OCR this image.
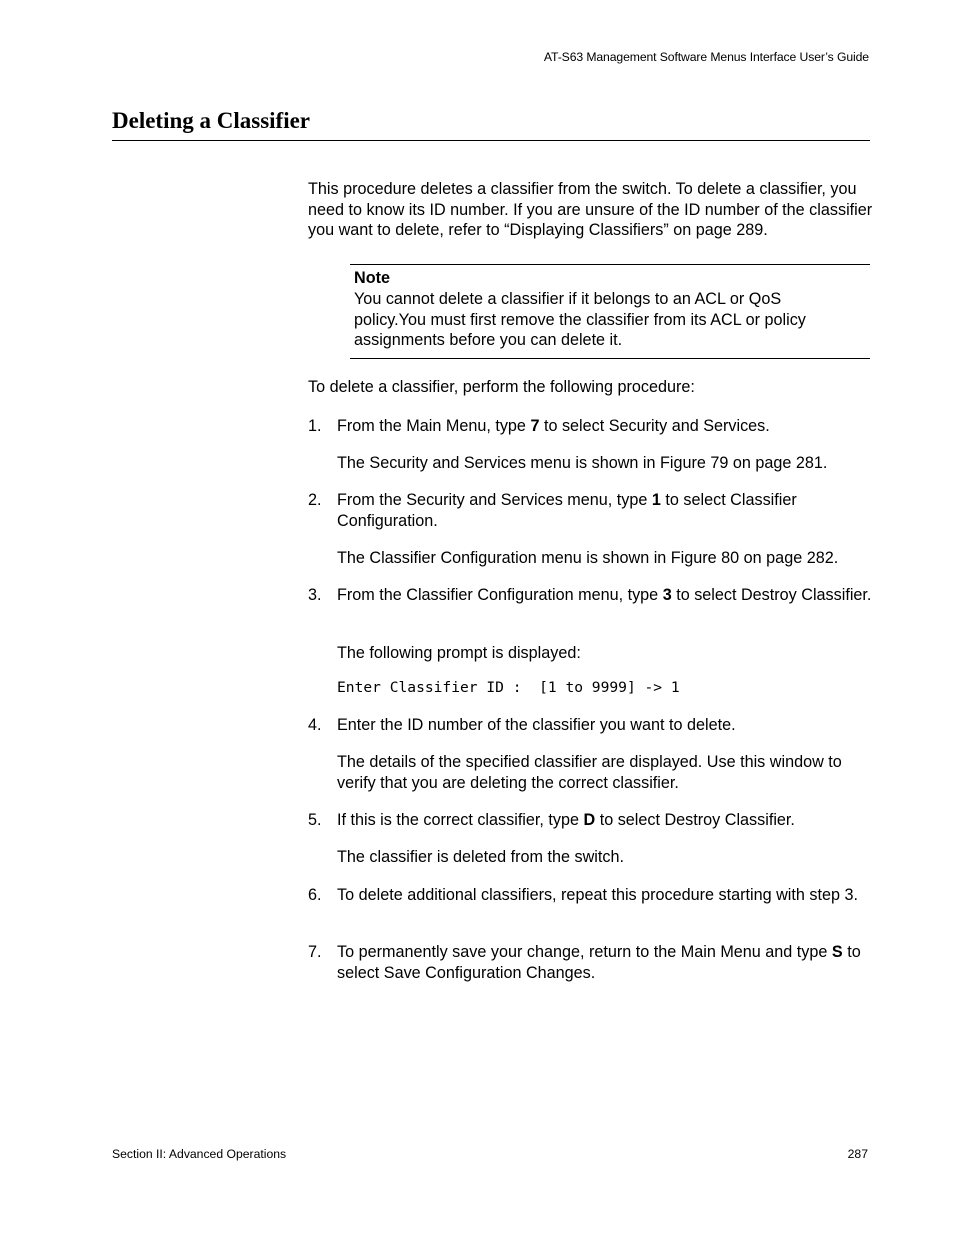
AT-S63 Management Software Menus Interface User’s Guide
Deleting a Classifier
This procedure deletes a classifier from the switch. To delete a classifier, you need to know its ID number. If you are unsure of the ID number of the classifier you want to delete, refer to “Displaying Classifiers” on page 289.
Note
You cannot delete a classifier if it belongs to an ACL or QoS policy.You must first remove the classifier from its ACL or policy assignments before you can delete it.
To delete a classifier, perform the following procedure:
1. From the Main Menu, type 7 to select Security and Services.
The Security and Services menu is shown in Figure 79 on page 281.
2. From the Security and Services menu, type 1 to select Classifier Configuration.
The Classifier Configuration menu is shown in Figure 80 on page 282.
3. From the Classifier Configuration menu, type 3 to select Destroy Classifier.
The following prompt is displayed:
Enter Classifier ID :  [1 to 9999] -> 1
4. Enter the ID number of the classifier you want to delete.
The details of the specified classifier are displayed. Use this window to verify that you are deleting the correct classifier.
5. If this is the correct classifier, type D to select Destroy Classifier.
The classifier is deleted from the switch.
6. To delete additional classifiers, repeat this procedure starting with step 3.
7. To permanently save your change, return to the Main Menu and type S to select Save Configuration Changes.
Section II: Advanced Operations	287
